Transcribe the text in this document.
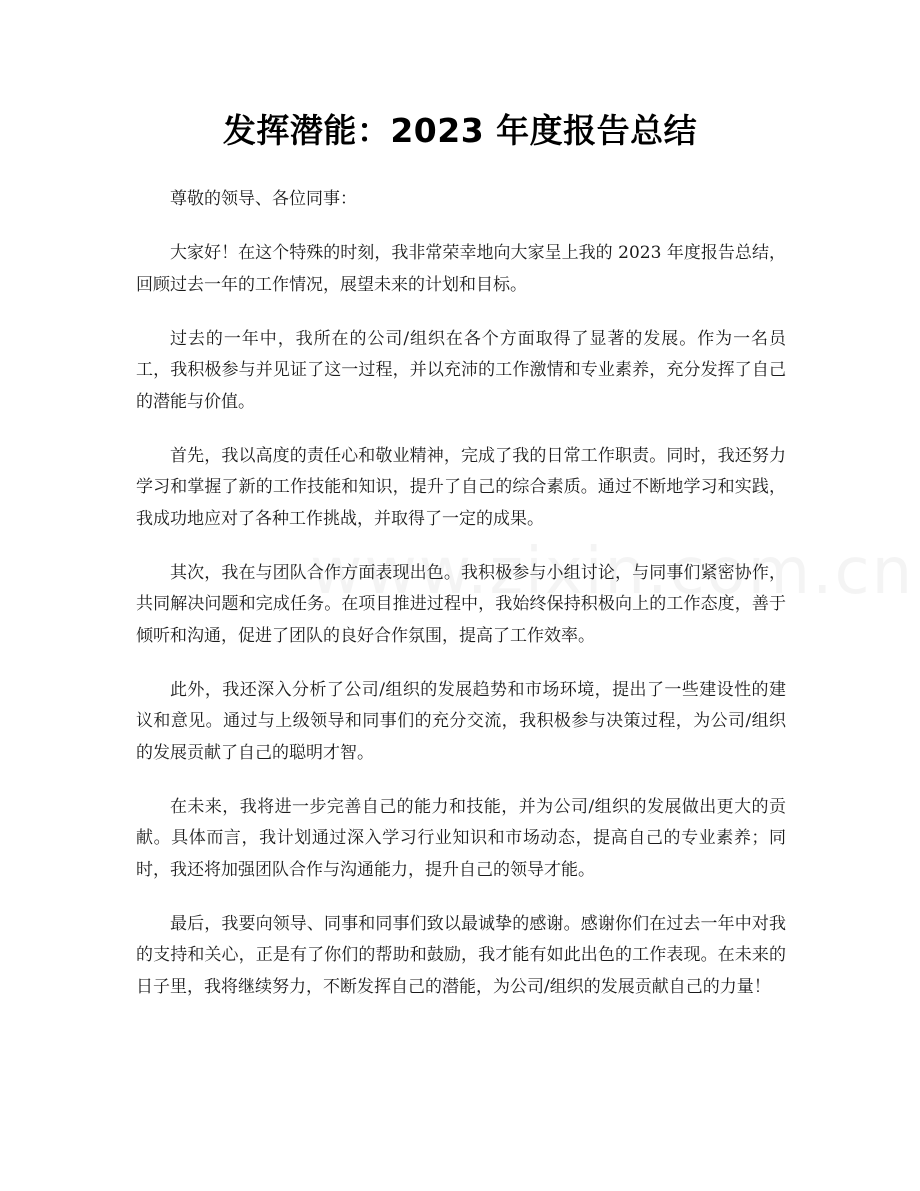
发挥潜能：2023 年度报告总结

尊敬的领导、各位同事：

大家好！在这个特殊的时刻，我非常荣幸地向大家呈上我的 2023 年度报告总结，回顾过去一年的工作情况，展望未来的计划和目标。

过去的一年中，我所在的公司/组织在各个方面取得了显著的发展。作为一名员工，我积极参与并见证了这一过程，并以充沛的工作激情和专业素养，充分发挥了自己的潜能与价值。

首先，我以高度的责任心和敬业精神，完成了我的日常工作职责。同时，我还努力学习和掌握了新的工作技能和知识，提升了自己的综合素质。通过不断地学习和实践，我成功地应对了各种工作挑战，并取得了一定的成果。

其次，我在与团队合作方面表现出色。我积极参与小组讨论，与同事们紧密协作，共同解决问题和完成任务。在项目推进过程中，我始终保持积极向上的工作态度，善于倾听和沟通，促进了团队的良好合作氛围，提高了工作效率。

此外，我还深入分析了公司/组织的发展趋势和市场环境，提出了一些建设性的建议和意见。通过与上级领导和同事们的充分交流，我积极参与决策过程，为公司/组织的发展贡献了自己的聪明才智。

在未来，我将进一步完善自己的能力和技能，并为公司/组织的发展做出更大的贡献。具体而言，我计划通过深入学习行业知识和市场动态，提高自己的专业素养；同时，我还将加强团队合作与沟通能力，提升自己的领导才能。

最后，我要向领导、同事和同事们致以最诚挚的感谢。感谢你们在过去一年中对我的支持和关心，正是有了你们的帮助和鼓励，我才能有如此出色的工作表现。在未来的日子里，我将继续努力，不断发挥自己的潜能，为公司/组织的发展贡献自己的力量！
